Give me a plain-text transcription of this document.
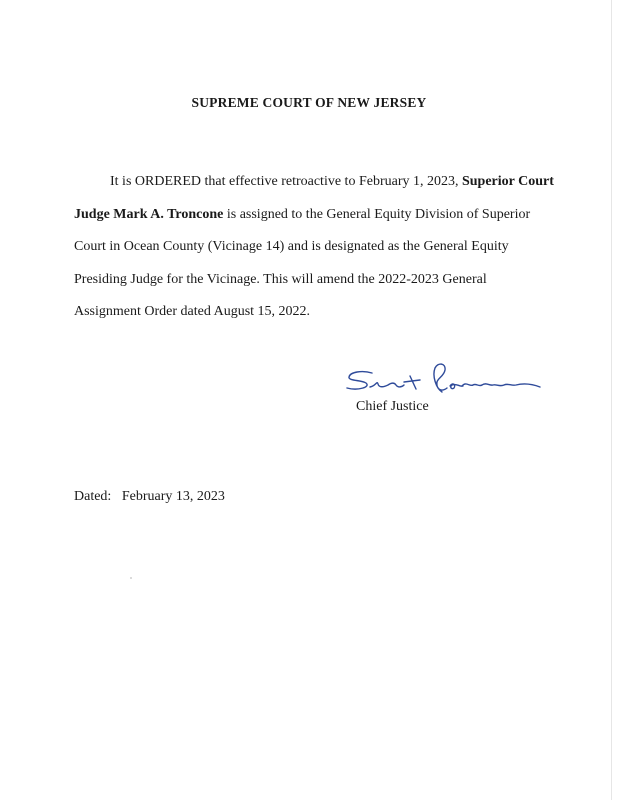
SUPREME COURT OF NEW JERSEY

It is ORDERED that effective retroactive to February 1, 2023, Superior Court Judge Mark A. Troncone is assigned to the General Equity Division of Superior Court in Ocean County (Vicinage 14) and is designated as the General Equity Presiding Judge for the Vicinage. This will amend the 2022-2023 General Assignment Order dated August 15, 2022.

Chief Justice
Dated: February 13, 2023
